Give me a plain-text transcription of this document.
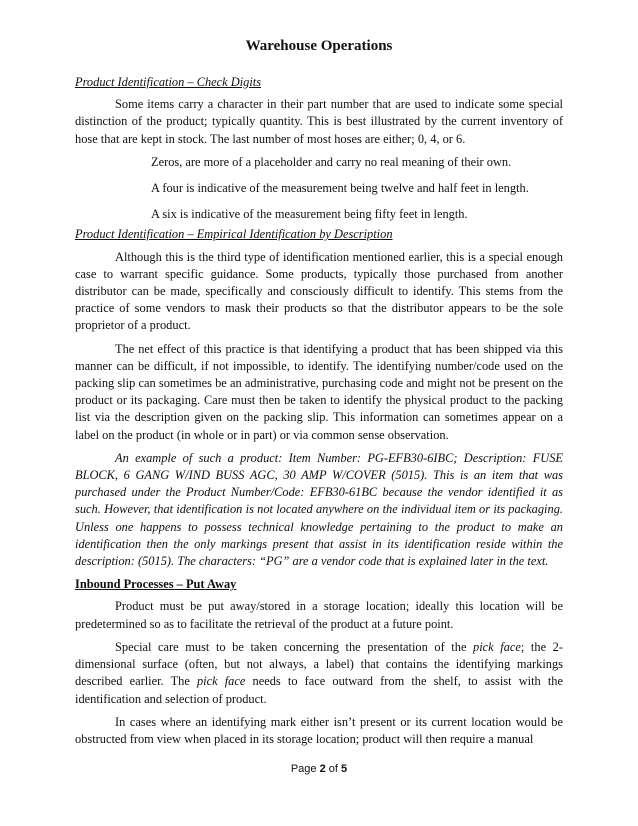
Warehouse Operations
Product Identification – Check Digits

Some items carry a character in their part number that are used to indicate some special distinction of the product; typically quantity. This is best illustrated by the current inventory of hose that are kept in stock. The last number of most hoses are either; 0, 4, or 6.

Zeros, are more of a placeholder and carry no real meaning of their own.

A four is indicative of the measurement being twelve and half feet in length.

A six is indicative of the measurement being fifty feet in length.

Product Identification – Empirical Identification by Description

Although this is the third type of identification mentioned earlier, this is a special enough case to warrant specific guidance. Some products, typically those purchased from another distributor can be made, specifically and consciously difficult to identify. This stems from the practice of some vendors to mask their products so that the distributor appears to be the sole proprietor of a product.

The net effect of this practice is that identifying a product that has been shipped via this manner can be difficult, if not impossible, to identify. The identifying number/code used on the packing slip can sometimes be an administrative, purchasing code and might not be present on the product or its packaging. Care must then be taken to identify the physical product to the packing list via the description given on the packing slip. This information can sometimes appear on a label on the product (in whole or in part) or via common sense observation.

An example of such a product: Item Number: PG-EFB30-6IBC; Description: FUSE BLOCK, 6 GANG W/IND BUSS AGC, 30 AMP W/COVER (5015). This is an item that was purchased under the Product Number/Code: EFB30-61BC because the vendor identified it as such. However, that identification is not located anywhere on the individual item or its packaging. Unless one happens to possess technical knowledge pertaining to the product to make an identification then the only markings present that assist in its identification reside within the description: (5015). The characters: “PG” are a vendor code that is explained later in the text.

Inbound Processes – Put Away

Product must be put away/stored in a storage location; ideally this location will be predetermined so as to facilitate the retrieval of the product at a future point.

Special care must to be taken concerning the presentation of the pick face; the 2-dimensional surface (often, but not always, a label) that contains the identifying markings described earlier. The pick face needs to face outward from the shelf, to assist with the identification and selection of product.

In cases where an identifying mark either isn’t present or its current location would be obstructed from view when placed in its storage location; product will then require a manual

Page 2 of 5
